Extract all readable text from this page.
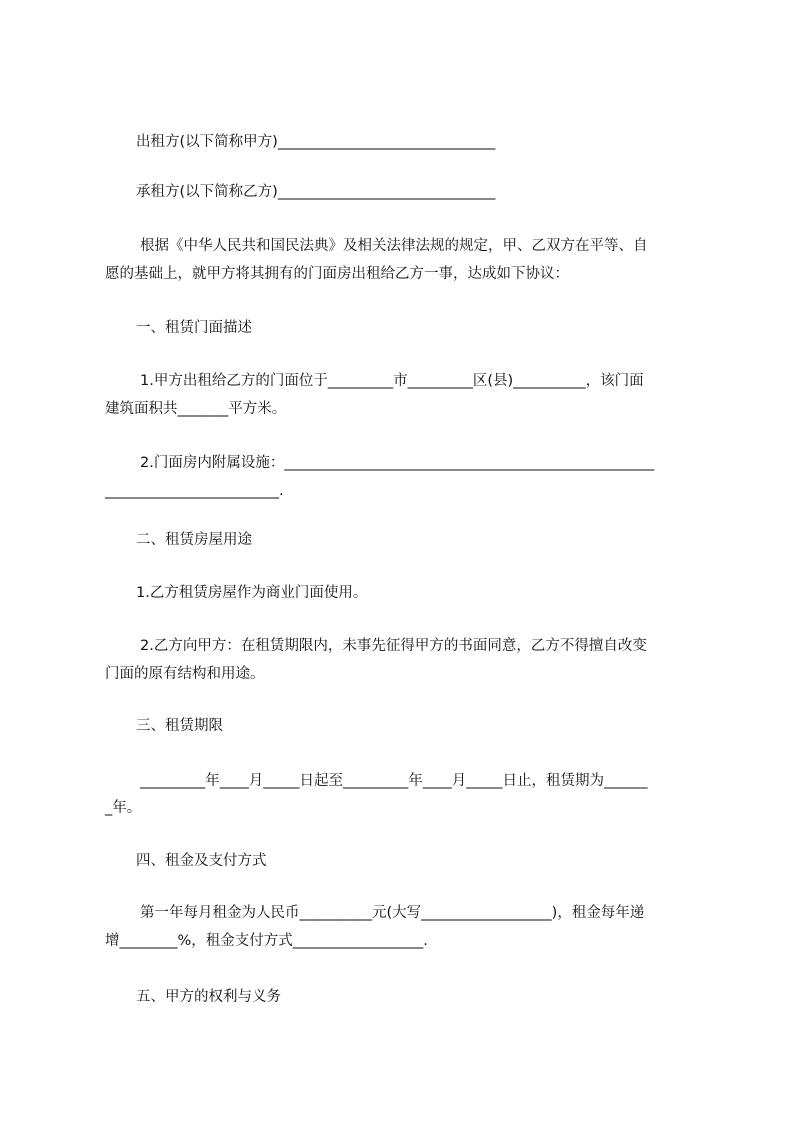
出租方(以下简称甲方)______________________________
承租方(以下简称乙方)______________________________
根据《中华人民共和国民法典》及相关法律法规的规定，甲、乙双方在平等、自
愿的基础上，就甲方将其拥有的门面房出租给乙方一事，达成如下协议：
一、租赁门面描述
1.甲方出租给乙方的门面位于_________市_________区(县)__________，该门面
建筑面积共_______平方米。
2.门面房内附属设施：___________________________________________________
________________________.
二、租赁房屋用途
1.乙方租赁房屋作为商业门面使用。
2.乙方向甲方：在租赁期限内，未事先征得甲方的书面同意，乙方不得擅自改变
门面的原有结构和用途。
三、租赁期限
_________年____月_____日起至_________年____月_____日止，租赁期为______
_年。
四、租金及支付方式
第一年每月租金为人民币__________元(大写__________________)，租金每年递
增________%，租金支付方式__________________.
五、甲方的权利与义务
